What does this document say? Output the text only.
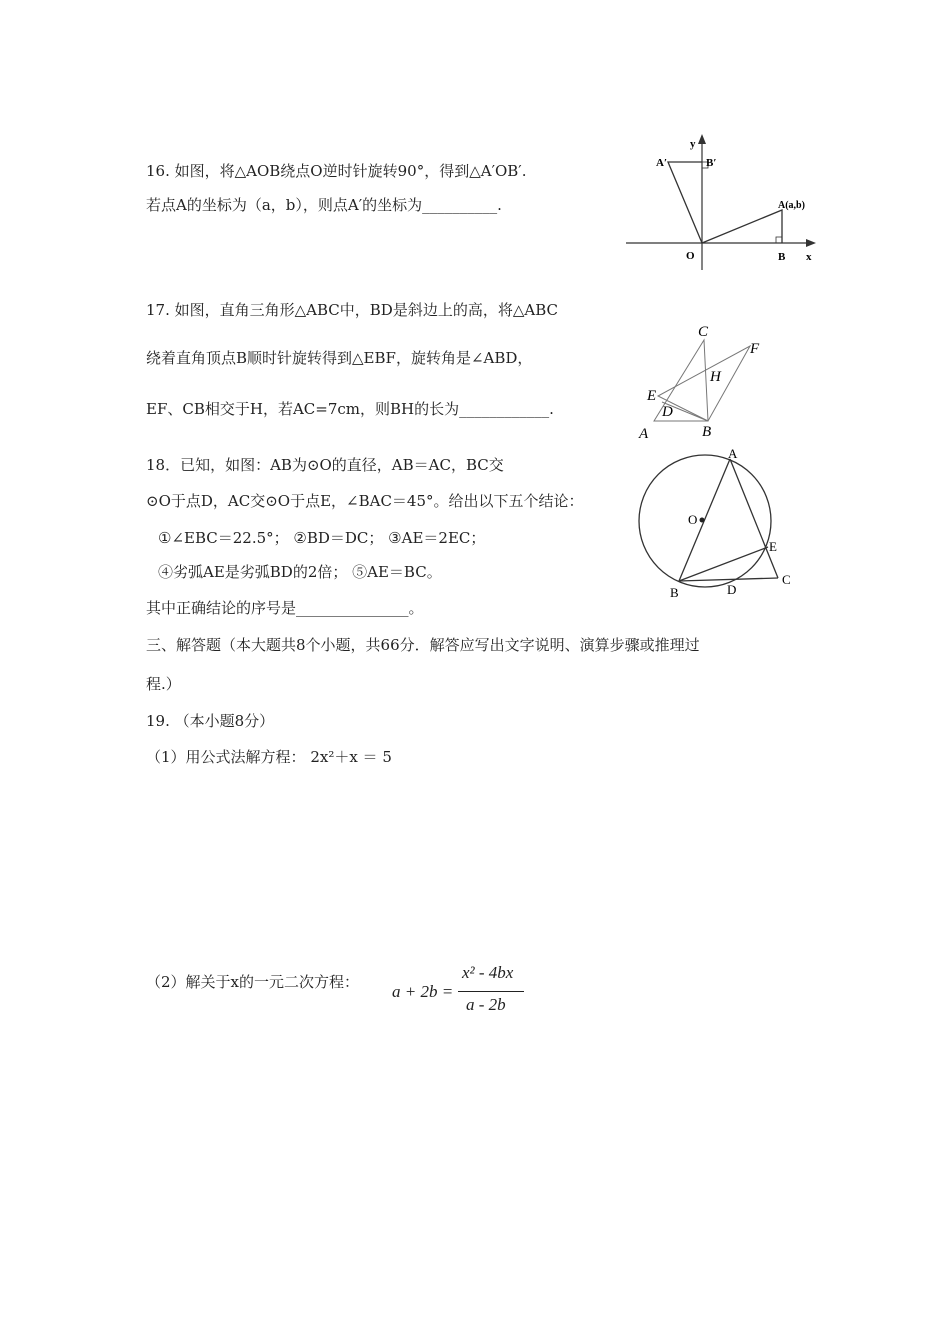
16. 如图，将△AOB绕点O逆时针旋转90°，得到△A′OB′.
若点A的坐标为（a，b），则点A′的坐标为__________.
y
x
A′	B′
A(a,b)
O	B
17. 如图，直角三角形△ABC中，BD是斜边上的高，将△ABC
绕着直角顶点B顺时针旋转得到△EBF，旋转角是∠ABD，
EF、CB相交于H，若AC=7cm，则BH的长为____________.
C
F
H
E
D
A	B
18．已知，如图：AB为⊙O的直径，AB＝AC，BC交
⊙O于点D，AC交⊙O于点E，∠BAC＝45°。给出以下五个结论：
①∠EBC＝22.5°； ②BD＝DC； ③AE＝2EC；
④劣弧AE是劣弧BD的2倍； ⑤AE＝BC。
其中正确结论的序号是_______________。
A
O
E
B	D
C
三、解答题（本大题共8个小题，共66分．解答应写出文字说明、演算步骤或推理过
程.）
19. （本小题8分）
（1）用公式法解方程： 2x²＋x ＝ 5
（2）解关于x的一元二次方程： a + 2b =
x² - 4bx
a - 2b
